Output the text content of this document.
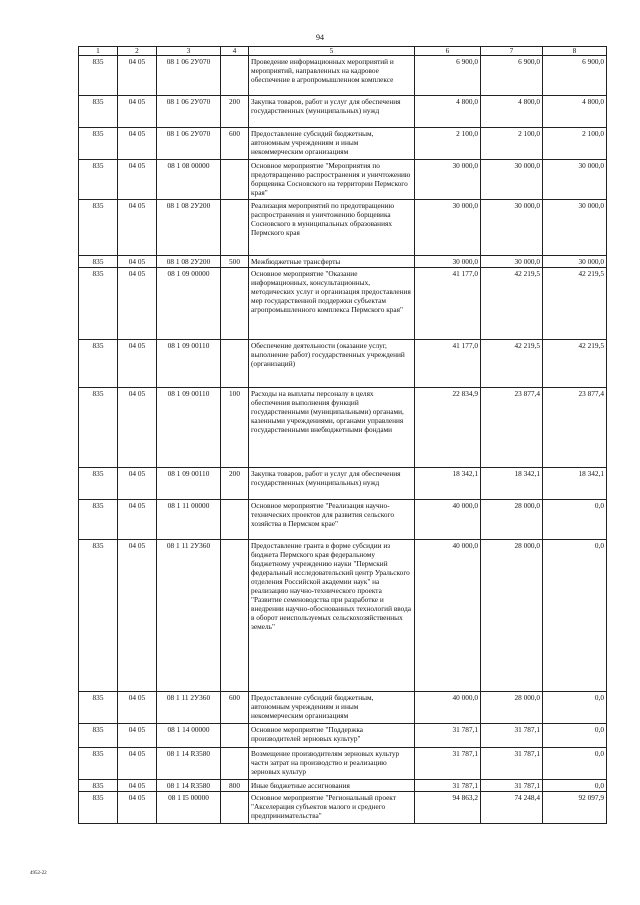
94
1	2	3	4	5	6	7	8
835	04 05	08 1 06 2У070		Проведение информационных мероприятий и мероприятий, направленных на кадровое обеспечение в агропромышленном комплексе	6 900,0	6 900,0	6 900,0
835	04 05	08 1 06 2У070	200	Закупка товаров, работ и услуг для обеспечения государственных (муниципальных) нужд	4 800,0	4 800,0	4 800,0
835	04 05	08 1 06 2У070	600	Предоставление субсидий бюджетным, автономным учреждениям и иным некоммерческим организациям	2 100,0	2 100,0	2 100,0
835	04 05	08 1 08 00000		Основное мероприятие "Мероприятия по предотвращению распространения и уничтожению борщевика Сосновского на территории Пермского края"	30 000,0	30 000,0	30 000,0
835	04 05	08 1 08 2У200		Реализация мероприятий по предотвращению распространения и уничтожению борщевика Сосновского в муниципальных образованиях Пермского края	30 000,0	30 000,0	30 000,0
835	04 05	08 1 08 2У200	500	Межбюджетные трансферты	30 000,0	30 000,0	30 000,0
835	04 05	08 1 09 00000		Основное мероприятие "Оказание информационных, консультационных, методических услуг и организация предоставления мер государственной поддержки субъектам агропромышленного комплекса Пермского края"	41 177,0	42 219,5	42 219,5
835	04 05	08 1 09 00110		Обеспечение деятельности (оказание услуг, выполнение работ) государственных учреждений (организаций)	41 177,0	42 219,5	42 219,5
835	04 05	08 1 09 00110	100	Расходы на выплаты персоналу в целях обеспечения выполнения функций государственными (муниципальными) органами, казенными учреждениями, органами управления государственными внебюджетными фондами	22 834,9	23 877,4	23 877,4
835	04 05	08 1 09 00110	200	Закупка товаров, работ и услуг для обеспечения государственных (муниципальных) нужд	18 342,1	18 342,1	18 342,1
835	04 05	08 1 11 00000		Основное мероприятие "Реализация научно-технических проектов для развития сельского хозяйства в Пермском крае"	40 000,0	28 000,0	0,0
835	04 05	08 1 11 2У360		Предоставление гранта в форме субсидии из бюджета Пермского края федеральному бюджетному учреждению науки "Пермский федеральный исследовательский центр Уральского отделения Российской академии наук" на реализацию научно-технического проекта "Развитие семеноводства при разработке и внедрении научно-обоснованных технологий ввода в оборот неиспользуемых сельскохозяйственных земель"	40 000,0	28 000,0	0,0
835	04 05	08 1 11 2У360	600	Предоставление субсидий бюджетным, автономным учреждениям и иным некоммерческим организациям	40 000,0	28 000,0	0,0
835	04 05	08 1 14 00000		Основное мероприятие "Поддержка производителей зерновых культур"	31 787,1	31 787,1	0,0
835	04 05	08 1 14 R3580		Возмещение производителям зерновых культур части затрат на производство и реализацию зерновых культур	31 787,1	31 787,1	0,0
835	04 05	08 1 14 R3580	800	Иные бюджетные ассигнования	31 787,1	31 787,1	0,0
835	04 05	08 1 I5 00000		Основное мероприятие "Региональный проект "Акселерация субъектов малого и среднего предпринимательства"	94 863,2	74 248,4	92 097,9
4952-22
